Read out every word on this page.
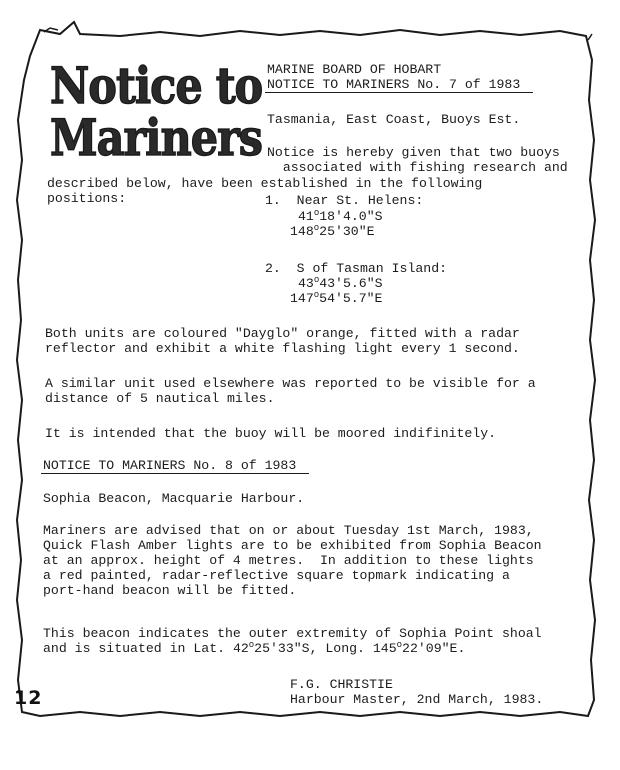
Notice to
Mariners
MARINE BOARD OF HOBART
NOTICE TO MARINERS No. 7 of 1983
Tasmania, East Coast, Buoys Est.
Notice is hereby given that two buoys
associated with fishing research and
described below, have been established in the following
positions:	1.  Near St. Helens:
41$^o$18'4.0"S
148$^o$25'30"E
2.  S of Tasman Island:
43$^o$43'5.6"S
147$^o$54'5.7"E
Both units are coloured "Dayglo" orange, fitted with a radar
reflector and exhibit a white flashing light every 1 second.
A similar unit used elsewhere was reported to be visible for a
distance of 5 nautical miles.
It is intended that the buoy will be moored indifinitely.
NOTICE TO MARINERS No. 8 of 1983
Sophia Beacon, Macquarie Harbour.
Mariners are advised that on or about Tuesday 1st March, 1983,
Quick Flash Amber lights are to be exhibited from Sophia Beacon
at an approx. height of 4 metres.  In addition to these lights
a red painted, radar-reflective square topmark indicating a
port-hand beacon will be fitted.
This beacon indicates the outer extremity of Sophia Point shoal
and is situated in Lat. 42$^o$25'33"S, Long. 145$^o$22'09"E.
F.G. CHRISTIE
Harbour Master, 2nd March, 1983.
12
